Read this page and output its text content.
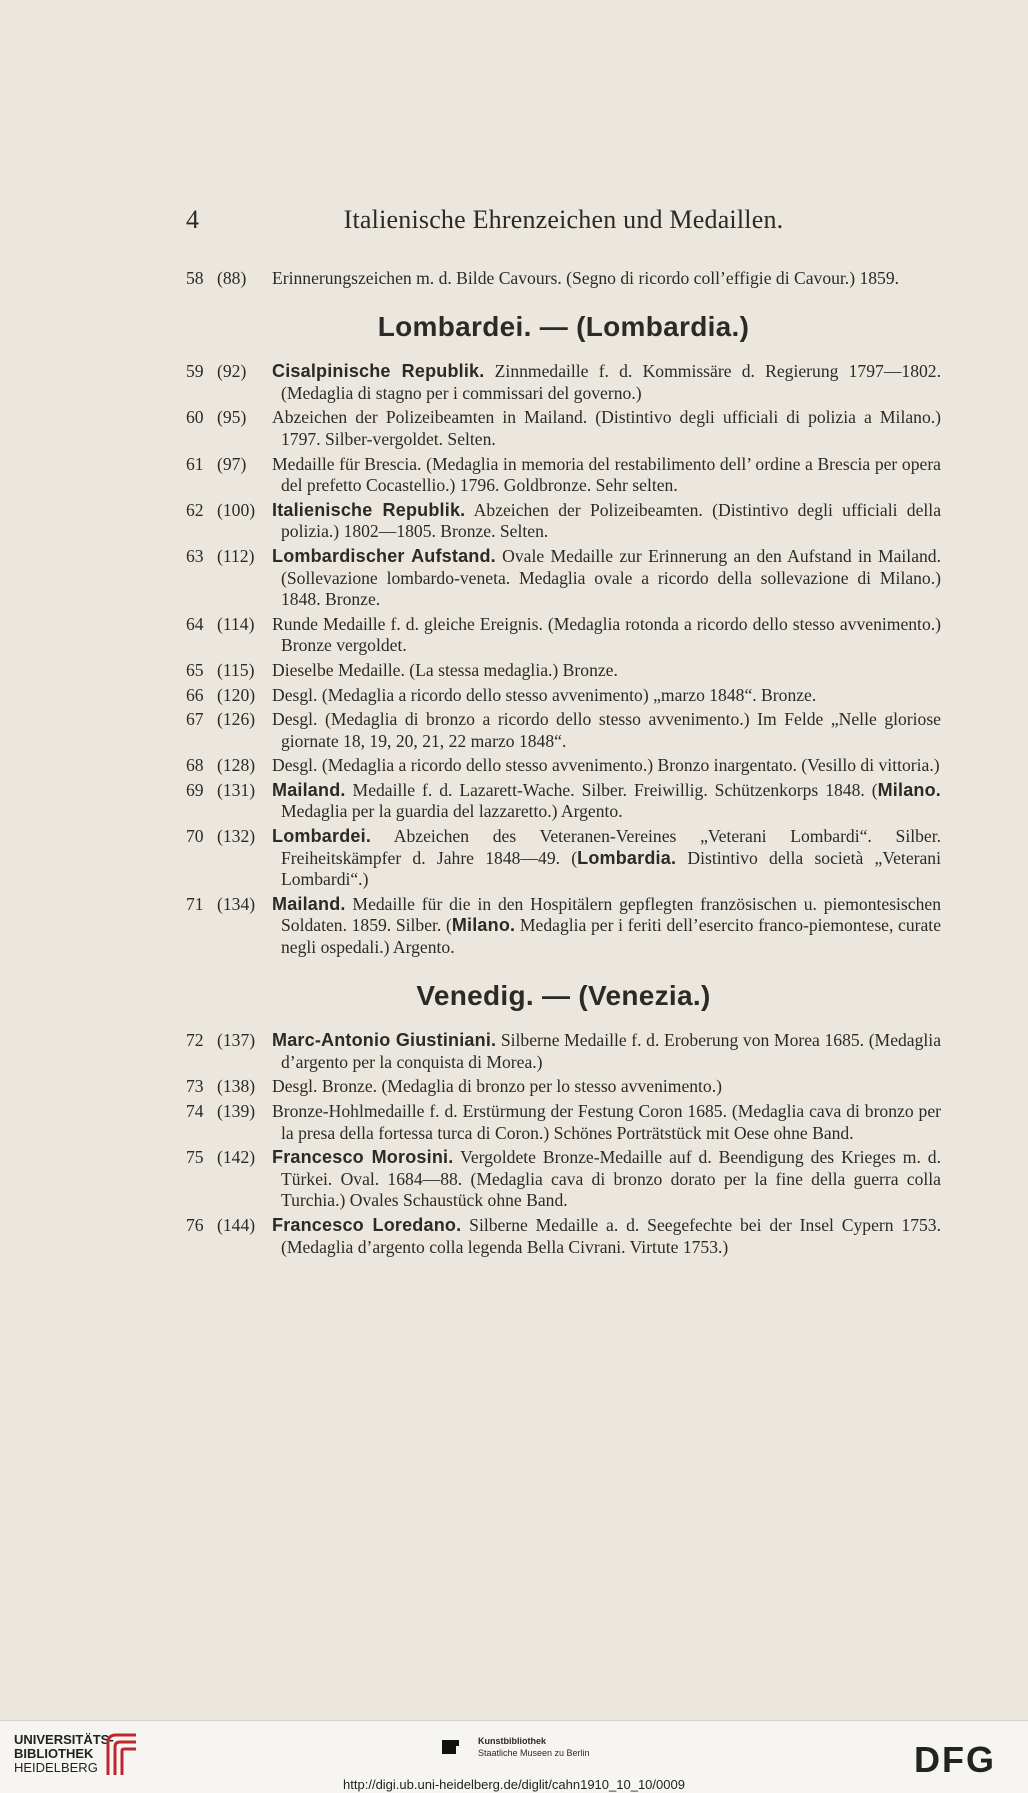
4	Italienische Ehrenzeichen und Medaillen.
58 (88) Erinnerungszeichen m. d. Bilde Cavours. (Segno di ricordo coll’effigie di Cavour.) 1859.
Lombardei. — (Lombardia.)
59 (92) Cisalpinische Republik. Zinnmedaille f. d. Kommissäre d. Regierung 1797—1802. (Medaglia di stagno per i commissari del governo.)
60 (95) Abzeichen der Polizeibeamten in Mailand. (Distintivo degli ufficiali di polizia a Milano.) 1797. Silber-vergoldet. Selten.
61 (97) Medaille für Brescia. (Medaglia in memoria del restabilimento dell’ ordine a Brescia per opera del prefetto Cocastellio.) 1796. Goldbronze. Sehr selten.
62 (100) Italienische Republik. Abzeichen der Polizeibeamten. (Distintivo degli ufficiali della polizia.) 1802—1805. Bronze. Selten.
63 (112) Lombardischer Aufstand. Ovale Medaille zur Erinnerung an den Aufstand in Mailand. (Sollevazione lombardo-veneta. Medaglia ovale a ricordo della sollevazione di Milano.) 1848. Bronze.
64 (114) Runde Medaille f. d. gleiche Ereignis. (Medaglia rotonda a ricordo dello stesso avvenimento.) Bronze vergoldet.
65 (115) Dieselbe Medaille. (La stessa medaglia.) Bronze.
66 (120) Desgl. (Medaglia a ricordo dello stesso avvenimento) „marzo 1848“. Bronze.
67 (126) Desgl. (Medaglia di bronzo a ricordo dello stesso avvenimento.) Im Felde „Nelle gloriose giornate 18, 19, 20, 21, 22 marzo 1848“.
68 (128) Desgl. (Medaglia a ricordo dello stesso avvenimento.) Bronzo inargentato. (Vesillo di vittoria.)
69 (131) Mailand. Medaille f. d. Lazarett-Wache. Silber. Freiwillig. Schützenkorps 1848. (Milano. Medaglia per la guardia del lazzaretto.) Argento.
70 (132) Lombardei. Abzeichen des Veteranen-Vereines „Veterani Lombardi“. Silber. Freiheitskämpfer d. Jahre 1848—49. (Lombardia. Distintivo della società „Veterani Lombardi“.)
71 (134) Mailand. Medaille für die in den Hospitälern gepflegten französischen u. piemontesischen Soldaten. 1859. Silber. (Milano. Medaglia per i feriti dell’esercito franco-piemontese, curate negli ospedali.) Argento.
Venedig. — (Venezia.)
72 (137) Marc-Antonio Giustiniani. Silberne Medaille f. d. Eroberung von Morea 1685. (Medaglia d’argento per la conquista di Morea.)
73 (138) Desgl. Bronze. (Medaglia di bronzo per lo stesso avvenimento.)
74 (139) Bronze-Hohlmedaille f. d. Erstürmung der Festung Coron 1685. (Medaglia cava di bronzo per la presa della fortessa turca di Coron.) Schönes Porträtstück mit Oese ohne Band.
75 (142) Francesco Morosini. Vergoldete Bronze-Medaille auf d. Beendigung des Krieges m. d. Türkei. Oval. 1684—88. (Medaglia cava di bronzo dorato per la fine della guerra colla Turchia.) Ovales Schaustück ohne Band.
76 (144) Francesco Loredano. Silberne Medaille a. d. Seegefechte bei der Insel Cypern 1753. (Medaglia d’argento colla legenda Bella Civrani. Virtute 1753.)
UNIVERSITÄTS-
BIBLIOTHEK
HEIDELBERG
Kunstbibliothek
Staatliche Museen zu Berlin	DFG
http://digi.ub.uni-heidelberg.de/diglit/cahn1910_10_10/0009
